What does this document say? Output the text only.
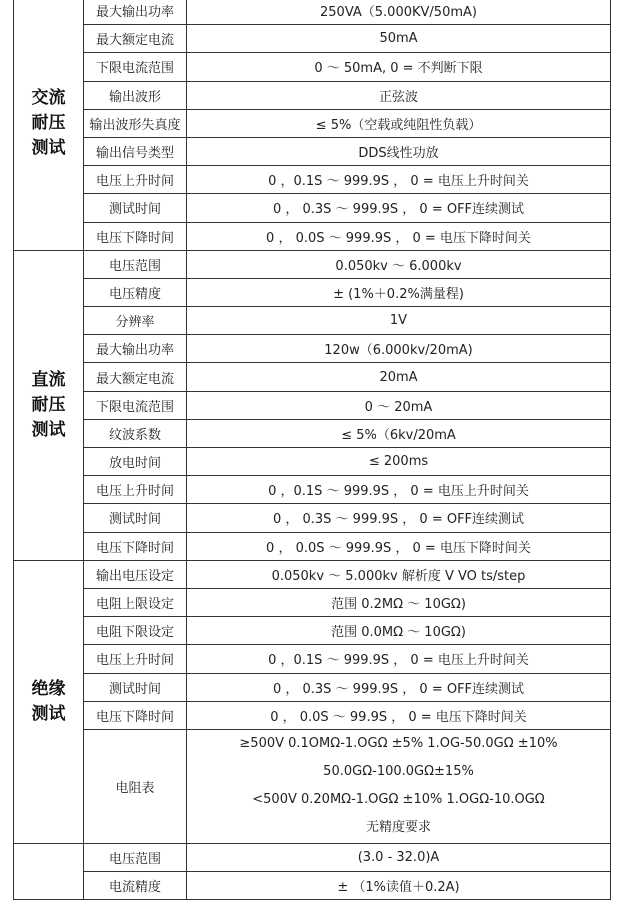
交流耐压测试	最大输出功率	250VA（5.000KV/50mA)
	最大额定电流	50mA
	下限电流范围	0 ～ 50mA, 0 = 不判断下限
	输出波形	正弦波
	输出波形失真度	≤ 5%（空载或纯阻性负载）
	输出信号类型	DDS线性功放
	电压上升时间	0 ，0.1S ～ 999.9S ， 0 = 电压上升时间关
	测试时间	0 ， 0.3S ～ 999.9S ， 0 = OFF连续测试
	电压下降时间	0 ， 0.0S ～ 999.9S ， 0 = 电压下降时间关
直流耐压测试	电压范围	0.050kv ～ 6.000kv
	电压精度	± (1%＋0.2%满量程)
	分辨率	1V
	最大输出功率	120w（6.000kv/20mA)
	最大额定电流	20mA
	下限电流范围	0 ～ 20mA
	纹波系数	≤ 5%（6kv/20mA
	放电时间	≤ 200ms
	电压上升时间	0 ，0.1S ～ 999.9S ， 0 = 电压上升时间关
	测试时间	0 ， 0.3S ～ 999.9S ， 0 = OFF连续测试
	电压下降时间	0 ， 0.0S ～ 999.9S ， 0 = 电压下降时间关
绝缘测试	输出电压设定	0.050kv ～ 5.000kv 解析度 V VO ts/step
	电阻上限设定	范围 0.2MΩ ～ 10GΩ)
	电阻下限设定	范围 0.0MΩ ～ 10GΩ)
	电压上升时间	0 ，0.1S ～ 999.9S ， 0 = 电压上升时间关
	测试时间	0 ， 0.3S ～ 999.9S ， 0 = OFF连续测试
	电压下降时间	0 ， 0.0S ～ 99.9S ， 0 = 电压下降时间关
	电阻表	≥500V 0.1OMΩ-1.OGΩ ±5% 1.OG-50.0GΩ ±10%
50.0GΩ-100.0GΩ±15%
<500V 0.20MΩ-1.OGΩ ±10% 1.OGΩ-10.OGΩ
无精度要求

	电压范围	(3.0 - 32.0)A
	电流精度	± （1%读值＋0.2A)
